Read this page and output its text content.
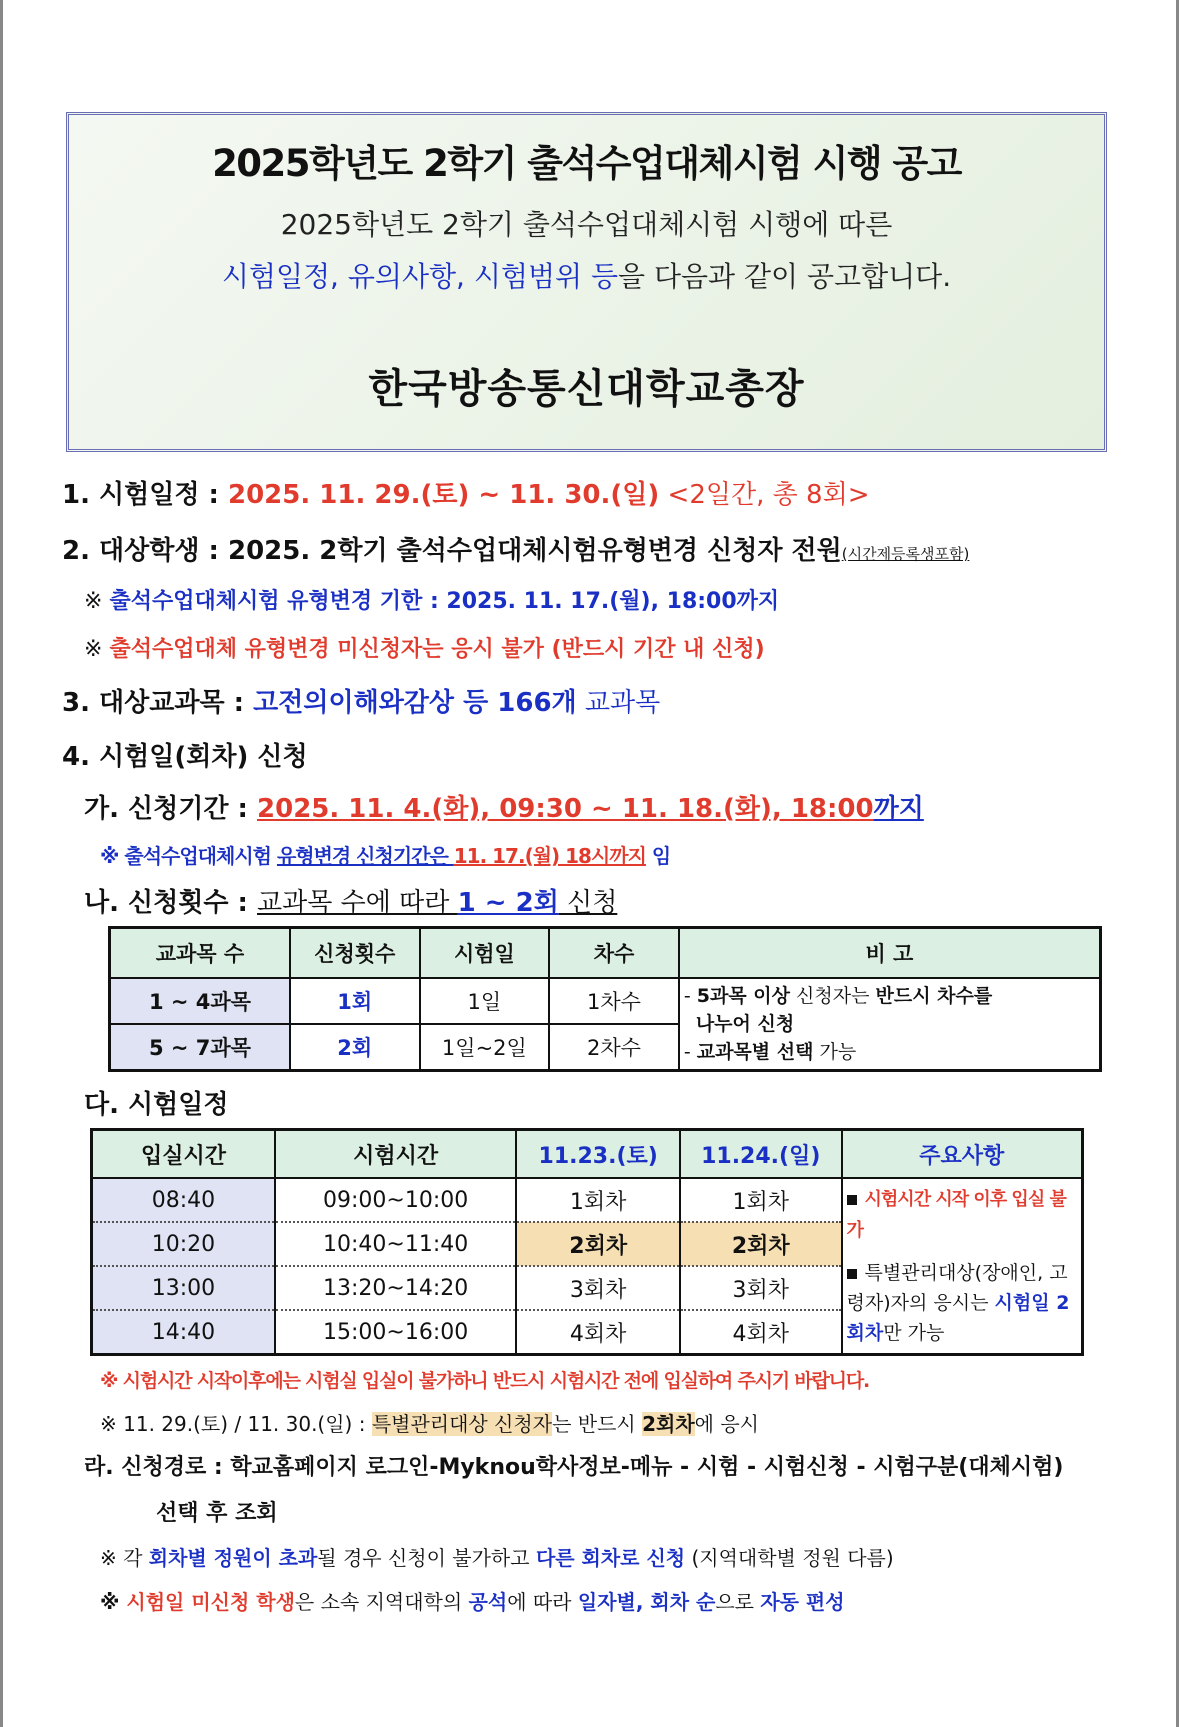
2025학년도 2학기 출석수업대체시험 시행 공고
2025학년도 2학기 출석수업대체시험 시행에 따른
시험일정, 유의사항, 시험범위 등을 다음과 같이 공고합니다.
한국방송통신대학교총장
1. 시험일정 : 2025. 11. 29.(토) ~ 11. 30.(일) <2일간, 총 8회>
2. 대상학생 : 2025. 2학기 출석수업대체시험유형변경 신청자 전원(시간제등록생포함)
※ 출석수업대체시험 유형변경 기한 : 2025. 11. 17.(월), 18:00까지
※ 출석수업대체 유형변경 미신청자는 응시 불가 (반드시 기간 내 신청)
3. 대상교과목 : 고전의이해와감상 등 166개 교과목
4. 시험일(회차) 신청
가. 신청기간 : 2025. 11. 4.(화), 09:30 ~ 11. 18.(화), 18:00까지
※ 출석수업대체시험 유형변경 신청기간은 11. 17.(월) 18시까지 임
나. 신청횟수 : 교과목 수에 따라 1 ~ 2회 신청
교과목 수	신청횟수	시험일	차수	비 고
1 ~ 4과목	1회	1일	1차수	- 5과목 이상 신청자는 반드시 차수를
나누어 신청
- 교과목별 선택 가능

5 ~ 7과목	2회	1일~2일	2차수	
다. 시험일정
입실시간	시험시간	11.23.(토)	11.24.(일)	주요사항
08:40	09:00~10:00	1회차	1회차	시험시간 시작 이후 입실 불가
특별관리대상(장애인, 고령자)자의 응시는 시험일 2회차만 가능

10:20	10:40~11:40	2회차	2회차	
13:00	13:20~14:20	3회차	3회차	
14:40	15:00~16:00	4회차	4회차	
※ 시험시간 시작이후에는 시험실 입실이 불가하니 반드시 시험시간 전에 입실하여 주시기 바랍니다.
※ 11. 29.(토) / 11. 30.(일) : 특별관리대상 신청자는 반드시 2회차에 응시
라. 신청경로 : 학교홈페이지 로그인-Myknou학사정보-메뉴 - 시험 - 시험신청 - 시험구분(대체시험)
선택 후 조회
※ 각 회차별 정원이 초과될 경우 신청이 불가하고 다른 회차로 신청 (지역대학별 정원 다름)
※ 시험일 미신청 학생은 소속 지역대학의 공석에 따라 일자별, 회차 순으로 자동 편성
